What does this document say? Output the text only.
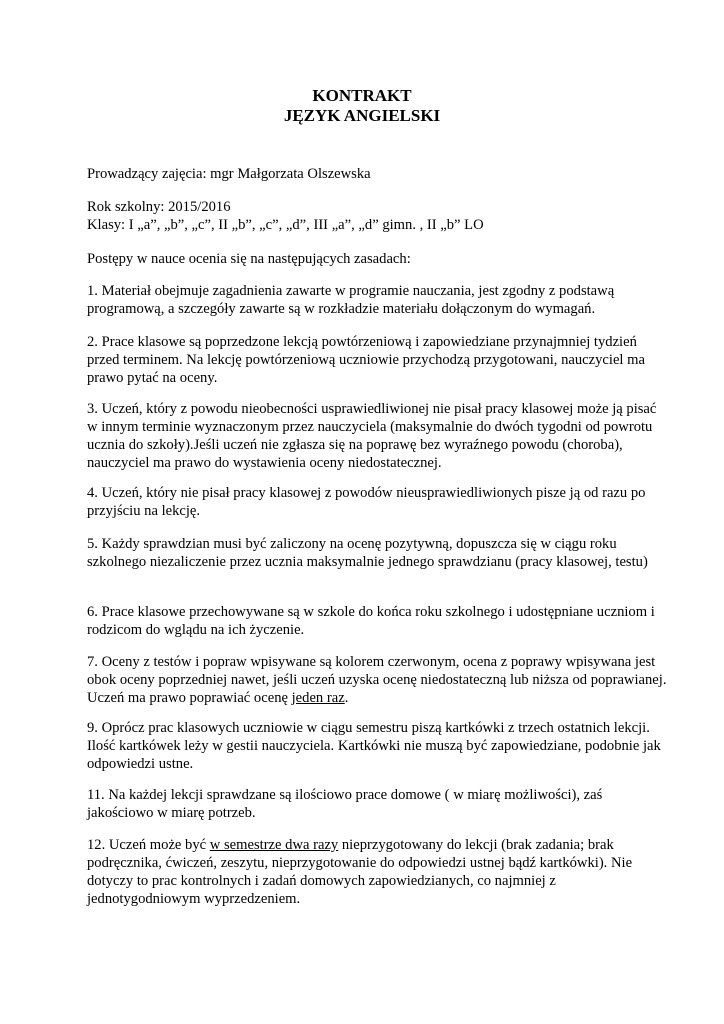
KONTRAKT
JĘZYK ANGIELSKI
Prowadzący zajęcia: mgr Małgorzata Olszewska
Rok szkolny: 2015/2016
Klasy: I „a”, „b”, „c”, II „b”, „c”, „d”, III „a”, „d” gimn. , II „b” LO
Postępy w nauce ocenia się na następujących zasadach:
1. Materiał obejmuje zagadnienia zawarte w programie nauczania, jest zgodny z podstawą programową, a szczegóły zawarte są w rozkładzie materiału dołączonym do wymagań.
2. Prace klasowe są poprzedzone lekcją powtórzeniową i zapowiedziane przynajmniej tydzień przed terminem. Na lekcję powtórzeniową uczniowie przychodzą przygotowani, nauczyciel ma prawo pytać na oceny.
3. Uczeń, który z powodu nieobecności usprawiedliwionej nie pisał pracy klasowej może ją pisać w innym terminie wyznaczonym przez nauczyciela (maksymalnie do dwóch tygodni od powrotu ucznia do szkoły).Jeśli uczeń nie zgłasza się na poprawę bez wyraźnego powodu (choroba), nauczyciel ma prawo do wystawienia oceny niedostatecznej.
4. Uczeń, który nie pisał pracy klasowej z powodów nieusprawiedliwionych pisze ją od razu po przyjściu na lekcję.
5. Każdy sprawdzian musi być zaliczony na ocenę pozytywną, dopuszcza się w ciągu roku szkolnego niezaliczenie przez ucznia maksymalnie jednego sprawdzianu (pracy klasowej, testu)
6. Prace klasowe przechowywane są w szkole do końca roku szkolnego i udostępniane uczniom i rodzicom do wglądu na ich życzenie.
7. Oceny z testów i popraw wpisywane są kolorem czerwonym, ocena z poprawy wpisywana jest obok oceny poprzedniej nawet, jeśli uczeń uzyska ocenę niedostateczną lub niższa od poprawianej. Uczeń ma prawo poprawiać ocenę jeden raz.
9. Oprócz prac klasowych uczniowie w ciągu semestru piszą kartkówki z trzech ostatnich lekcji. Ilość kartkówek leży w gestii nauczyciela. Kartkówki nie muszą być zapowiedziane, podobnie jak odpowiedzi ustne.
11. Na każdej lekcji sprawdzane są ilościowo prace domowe ( w miarę możliwości), zaś jakościowo w miarę potrzeb.
12. Uczeń może być w semestrze dwa razy nieprzygotowany do lekcji (brak zadania; brak podręcznika, ćwiczeń, zeszytu, nieprzygotowanie do odpowiedzi ustnej bądź kartkówki). Nie dotyczy to prac kontrolnych i zadań domowych zapowiedzianych, co najmniej z jednotygodniowym wyprzedzeniem.
